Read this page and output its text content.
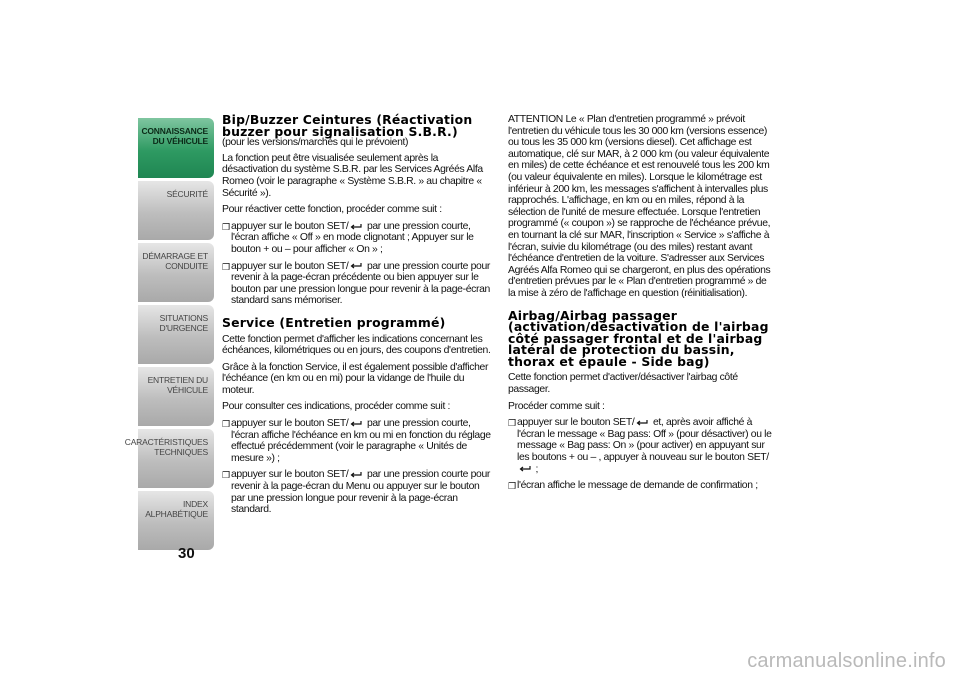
CONNAISSANCE
DU VÉHICULE
SÉCURITÉ
DÉMARRAGE ET
CONDUITE
SITUATIONS
D'URGENCE
ENTRETIEN DU
VÉHICULE
CARACTÉRISTIQUES
TECHNIQUES
INDEX
ALPHABÉTIQUE
30
Bip/Buzzer Ceintures (Réactivation buzzer pour signalisation S.B.R.)

(pour les versions/marchés qui le prévoient)

La fonction peut être visualisée seulement après la désactivation du système S.B.R. par les Services Agréés Alfa Romeo (voir le paragraphe « Système S.B.R. » au chapitre « Sécurité »).

Pour réactiver cette fonction, procéder comme suit :

❒ appuyer sur le bouton SET/ par une pression courte, l'écran affiche « Off » en mode clignotant ; Appuyer sur le bouton + ou – pour afficher « On » ;
❒ appuyer sur le bouton SET/ par une pression courte pour revenir à la page-écran précédente ou bien appuyer sur le bouton par une pression longue pour revenir à la page-écran standard sans mémoriser.
Service (Entretien programmé)

Cette fonction permet d'afficher les indications concernant les échéances, kilométriques ou en jours, des coupons d'entretien.

Grâce à la fonction Service, il est également possible d'afficher l'échéance (en km ou en mi) pour la vidange de l'huile du moteur.

Pour consulter ces indications, procéder comme suit :

❒ appuyer sur le bouton SET/ par une pression courte, l'écran affiche l'échéance en km ou mi en fonction du réglage effectué précédemment (voir le paragraphe « Unités de mesure ») ;
❒ appuyer sur le bouton SET/ par une pression courte pour revenir à la page-écran du Menu ou appuyer sur le bouton par une pression longue pour revenir à la page-écran standard.

ATTENTION Le « Plan d'entretien programmé » prévoit l'entretien du véhicule tous les 30 000 km (versions essence) ou tous les 35 000 km (versions diesel). Cet affichage est automatique, clé sur MAR, à 2 000 km (ou valeur équivalente en miles) de cette échéance et est renouvelé tous les 200 km (ou valeur équivalente en miles). Lorsque le kilométrage est inférieur à 200 km, les messages s'affichent à intervalles plus rapprochés. L'affichage, en km ou en miles, répond à la sélection de l'unité de mesure effectuée. Lorsque l'entretien programmé (« coupon ») se rapproche de l'échéance prévue, en tournant la clé sur MAR, l'inscription « Service » s'affiche à l'écran, suivie du kilométrage (ou des miles) restant avant l'échéance d'entretien de la voiture. S'adresser aux Services Agréés Alfa Romeo qui se chargeront, en plus des opérations d'entretien prévues par le « Plan d'entretien programmé » de la mise à zéro de l'affichage en question (réinitialisation).

Airbag/Airbag passager (activation/désactivation de l'airbag côté passager frontal et de l'airbag latéral de protection du bassin, thorax et épaule - Side bag)

Cette fonction permet d'activer/désactiver l'airbag côté passager.

Procéder comme suit :

❒ appuyer sur le bouton SET/ et, après avoir affiché à l'écran le message « Bag pass: Off » (pour désactiver) ou le message « Bag pass: On » (pour activer) en appuyant sur les boutons + ou – , appuyer à nouveau sur le bouton SET/ ;
❒ l'écran affiche le message de demande de confirmation ;
carmanualsonline.info
